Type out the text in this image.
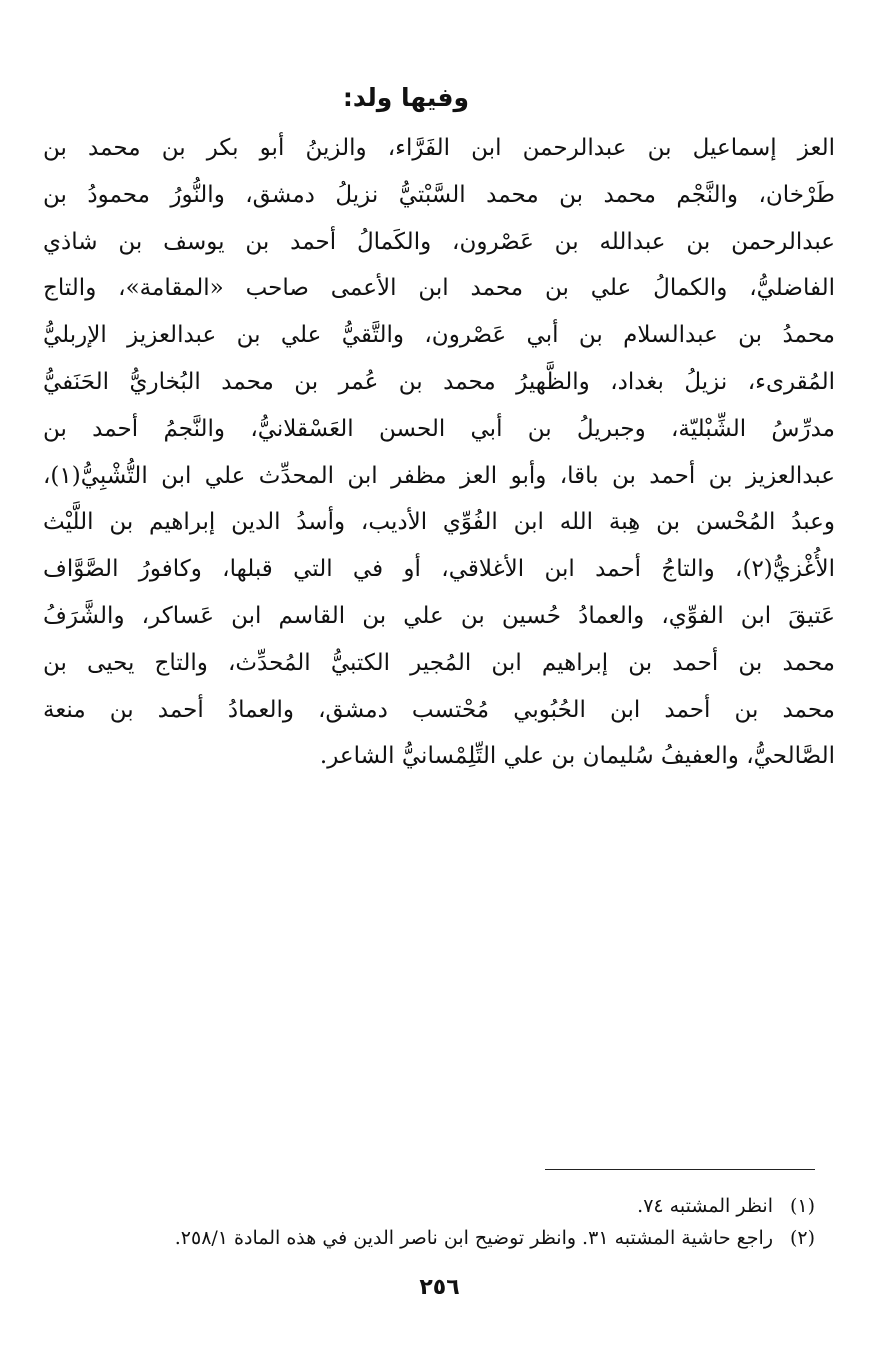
وفيها ولد:
العز إسماعيل بن عبدالرحمن ابن الفَرَّاء، والزينُ أبو بكر بن محمد بن
طَرْخان، والنَّجْم محمد بن محمد السَّبْتيُّ نزيلُ دمشق، والنُّورُ محمودُ بن
عبدالرحمن بن عبدالله بن عَصْرون، والكَمالُ أحمد بن يوسف بن شاذي
الفاضليُّ، والكمالُ علي بن محمد ابن الأعمى صاحب «المقامة»، والتاج
محمدُ بن عبدالسلام بن أبي عَصْرون، والتَّقيُّ علي بن عبدالعزيز الإربليُّ
المُقرىء، نزيلُ بغداد، والظَّهيرُ محمد بن عُمر بن محمد البُخاريُّ الحَنَفيُّ
مدرِّسُ الشِّبْليّة، وجبريلُ بن أبي الحسن العَسْقلانيُّ، والنَّجمُ أحمد بن
عبدالعزيز بن أحمد بن باقا، وأبو العز مظفر ابن المحدِّث علي ابن التُّشْبِيُّ(١)،
وعبدُ المُحْسن بن هِبة الله ابن الفُوِّي الأديب، وأسدُ الدين إبراهيم بن اللَّيْث
الأُغْزيُّ(٢)، والتاجُ أحمد ابن الأغلاقي، أو في التي قبلها، وكافورُ الصَّوَّاف
عَتيقَ ابن الفوِّي، والعمادُ حُسين بن علي بن القاسم ابن عَساكر، والشَّرَفُ
محمد بن أحمد بن إبراهيم ابن المُجير الكتبيُّ المُحدِّث، والتاج يحيى بن
محمد بن أحمد ابن الحُبُوبي مُحْتسب دمشق، والعمادُ أحمد بن منعة
الصَّالحيُّ، والعفيفُ سُليمان بن علي التِّلِمْسانيُّ الشاعر.
(١)انظر المشتبه ٧٤.
(٢)راجع حاشية المشتبه ٣١. وانظر توضيح ابن ناصر الدين في هذه المادة ٢٥٨/١.
٢٥٦
